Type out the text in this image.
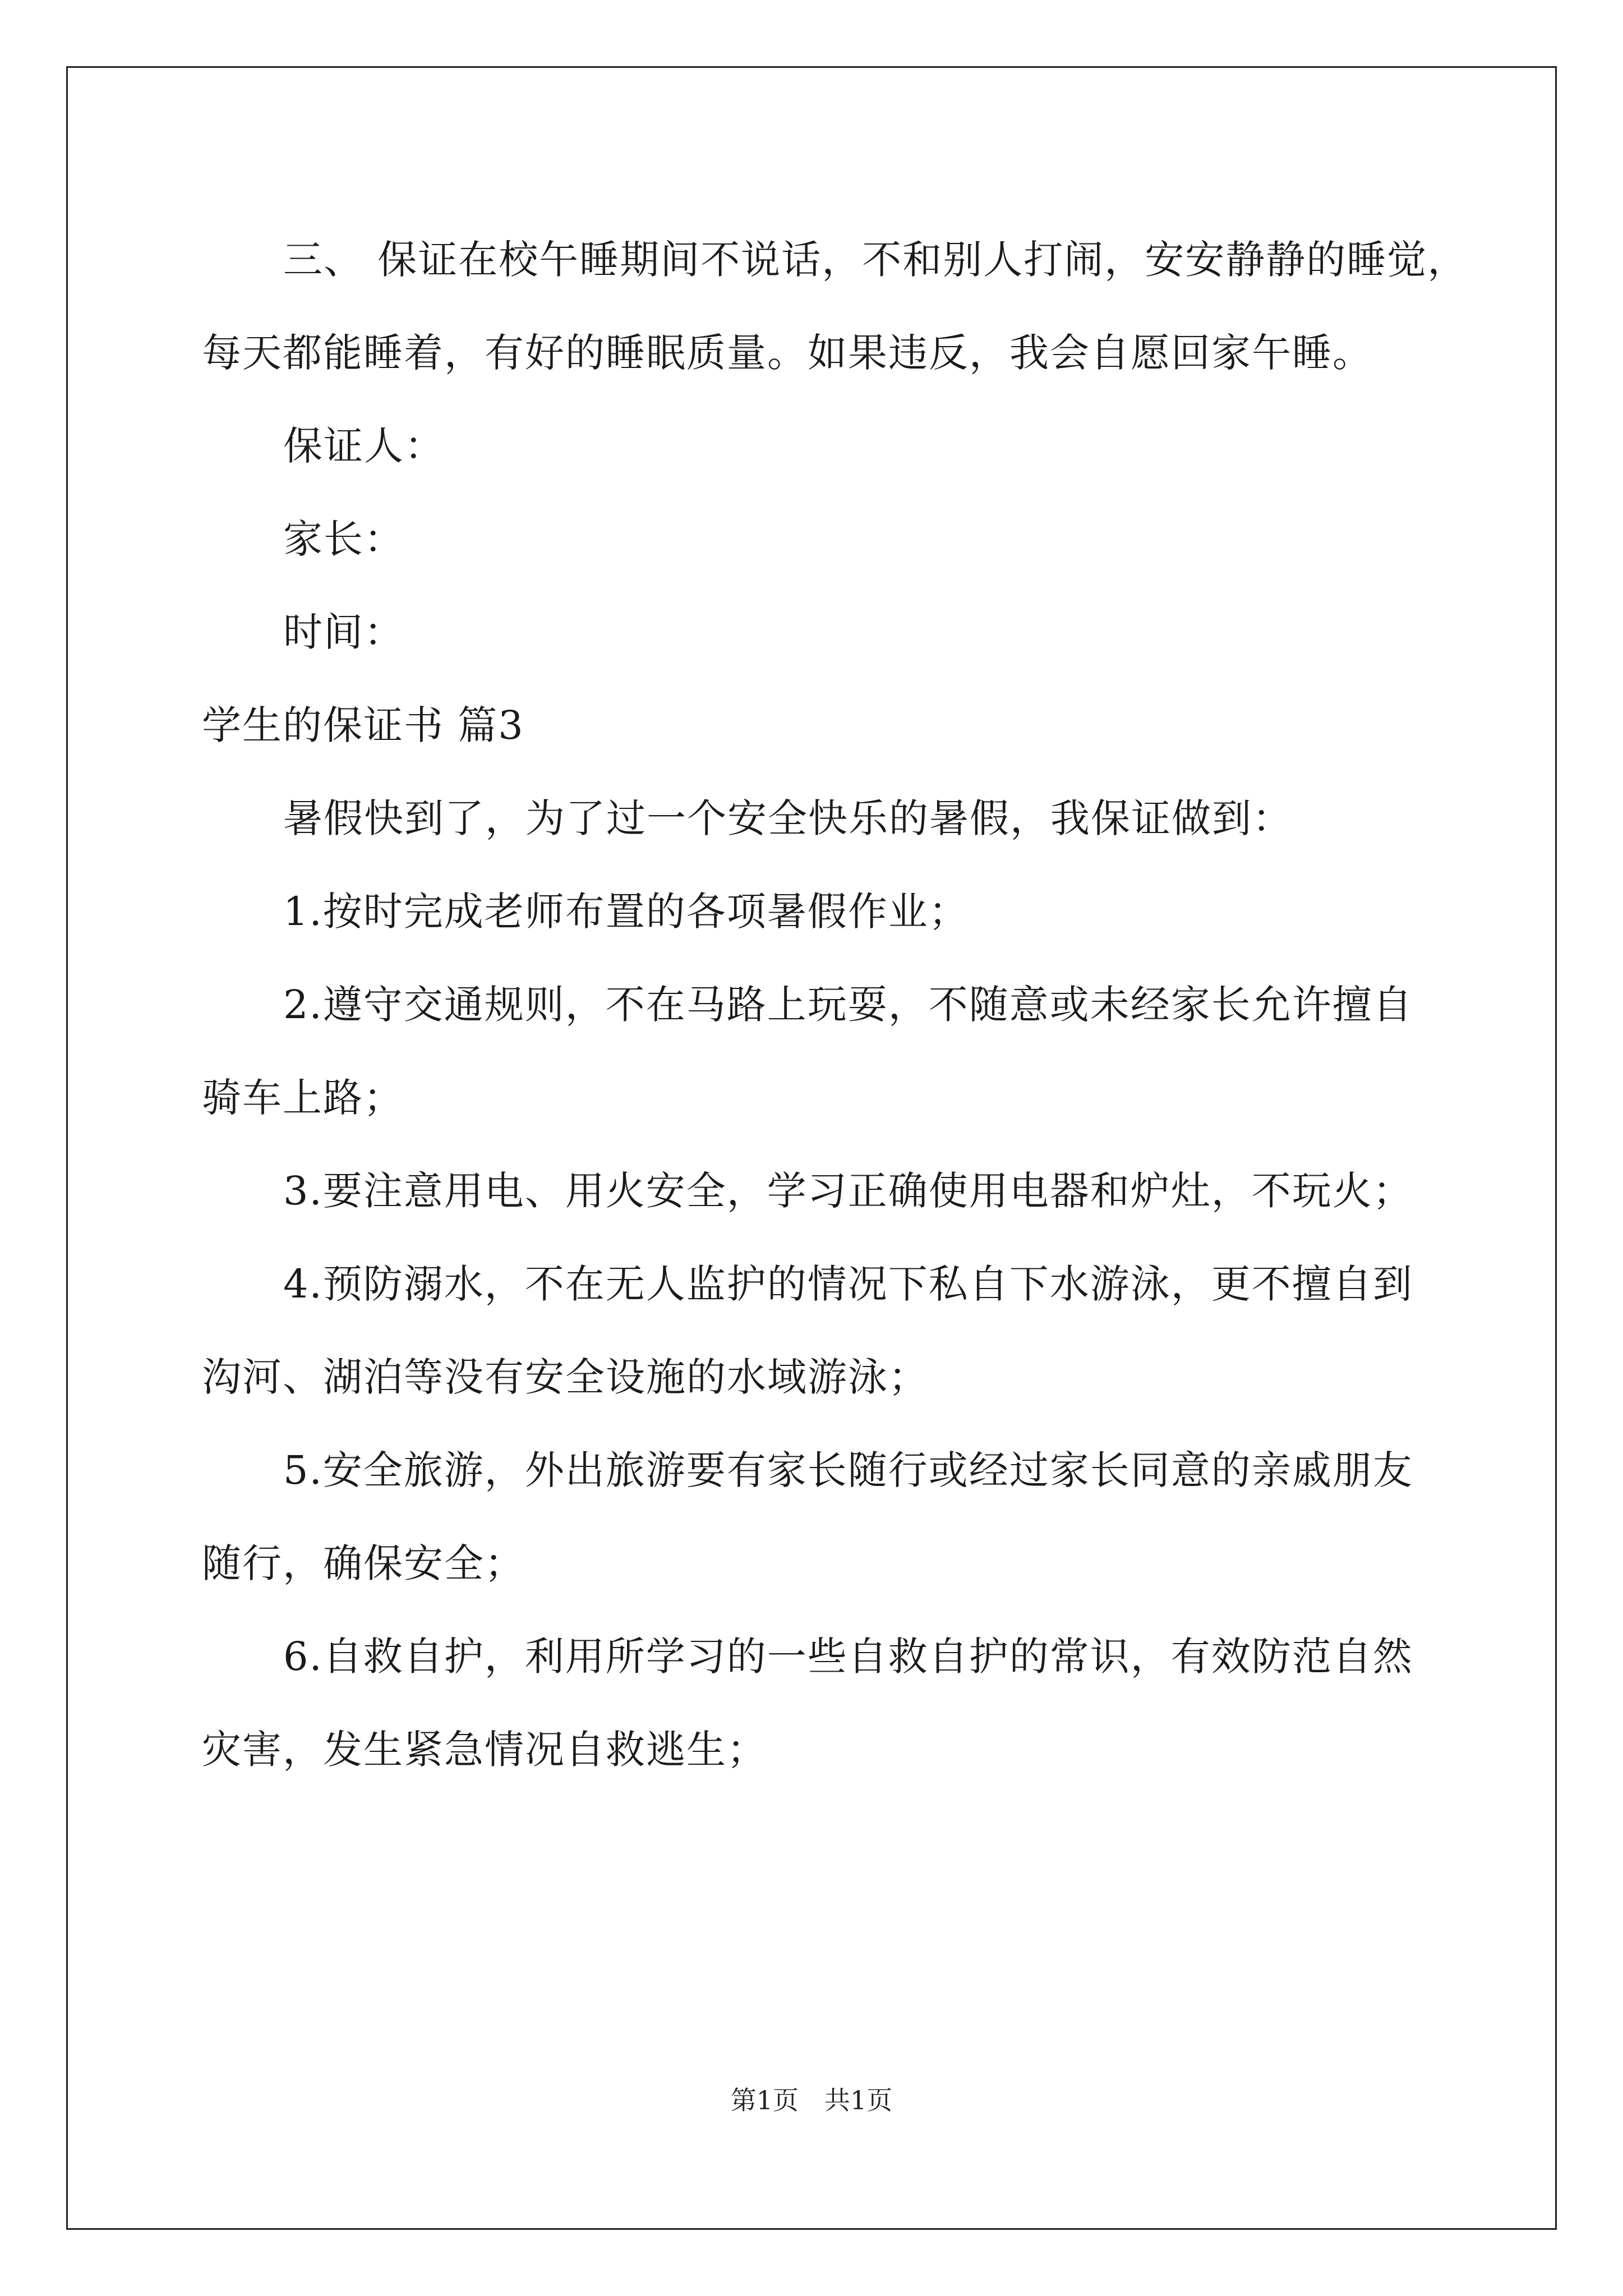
三、 保证在校午睡期间不说话，不和别人打闹，安安静静的睡觉，

每天都能睡着，有好的睡眠质量。如果违反，我会自愿回家午睡。

保证人：

家长：

时间：

学生的保证书 篇3

暑假快到了，为了过一个安全快乐的暑假，我保证做到：

1.按时完成老师布置的各项暑假作业；

2.遵守交通规则，不在马路上玩耍，不随意或未经家长允许擅自

骑车上路；

3.要注意用电、用火安全，学习正确使用电器和炉灶，不玩火；

4.预防溺水，不在无人监护的情况下私自下水游泳，更不擅自到

沟河、湖泊等没有安全设施的水域游泳；

5.安全旅游，外出旅游要有家长随行或经过家长同意的亲戚朋友

随行，确保安全；

6.自救自护，利用所学习的一些自救自护的常识，有效防范自然

灾害，发生紧急情况自救逃生；

第1页　共1页
